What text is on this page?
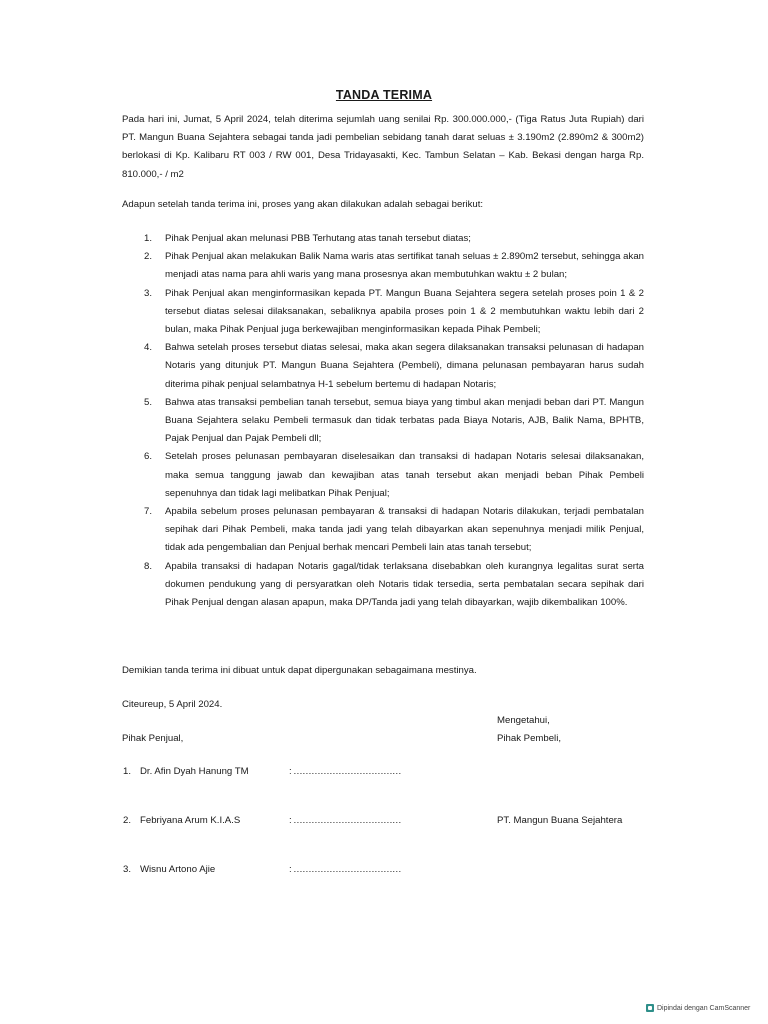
TANDA TERIMA
Pada hari ini, Jumat, 5 April 2024, telah diterima sejumlah uang senilai Rp. 300.000.000,- (Tiga Ratus Juta Rupiah) dari PT. Mangun Buana Sejahtera sebagai tanda jadi pembelian sebidang tanah darat seluas ± 3.190m2 (2.890m2 & 300m2) berlokasi di Kp. Kalibaru RT 003 / RW 001, Desa Tridayasakti, Kec. Tambun Selatan – Kab. Bekasi dengan harga Rp. 810.000,- / m2
Adapun setelah tanda terima ini, proses yang akan dilakukan adalah sebagai berikut:
1. Pihak Penjual akan melunasi PBB Terhutang atas tanah tersebut diatas;
2. Pihak Penjual akan melakukan Balik Nama waris atas sertifikat tanah seluas ± 2.890m2 tersebut, sehingga akan menjadi atas nama para ahli waris yang mana prosesnya akan membutuhkan waktu ± 2 bulan;
3. Pihak Penjual akan menginformasikan kepada PT. Mangun Buana Sejahtera segera setelah proses poin 1 & 2 tersebut diatas selesai dilaksanakan, sebaliknya apabila proses poin 1 & 2 membutuhkan waktu lebih dari 2 bulan, maka Pihak Penjual juga berkewajiban menginformasikan kepada Pihak Pembeli;
4. Bahwa setelah proses tersebut diatas selesai, maka akan segera dilaksanakan transaksi pelunasan di hadapan Notaris yang ditunjuk PT. Mangun Buana Sejahtera (Pembeli), dimana pelunasan pembayaran harus sudah diterima pihak penjual selambatnya H-1 sebelum bertemu di hadapan Notaris;
5. Bahwa atas transaksi pembelian tanah tersebut, semua biaya yang timbul akan menjadi beban dari PT. Mangun Buana Sejahtera selaku Pembeli termasuk dan tidak terbatas pada Biaya Notaris, AJB, Balik Nama, BPHTB, Pajak Penjual dan Pajak Pembeli dll;
6. Setelah proses pelunasan pembayaran diselesaikan dan transaksi di hadapan Notaris selesai dilaksanakan, maka semua tanggung jawab dan kewajiban atas tanah tersebut akan menjadi beban Pihak Pembeli sepenuhnya dan tidak lagi melibatkan Pihak Penjual;
7. Apabila sebelum proses pelunasan pembayaran & transaksi di hadapan Notaris dilakukan, terjadi pembatalan sepihak dari Pihak Pembeli, maka tanda jadi yang telah dibayarkan akan sepenuhnya menjadi milik Penjual, tidak ada pengembalian dan Penjual berhak mencari Pembeli lain atas tanah tersebut;
8. Apabila transaksi di hadapan Notaris gagal/tidak terlaksana disebabkan oleh kurangnya legalitas surat serta dokumen pendukung yang di persyaratkan oleh Notaris tidak tersedia, serta pembatalan secara sepihak dari Pihak Penjual dengan alasan apapun, maka DP/Tanda jadi yang telah dibayarkan, wajib dikembalikan 100%.
Demikian tanda terima ini dibuat untuk dapat dipergunakan sebagaimana mestinya.
Citeureup, 5 April 2024.
Mengetahui,
Pihak Penjual,	Pihak Pembeli,
1. Dr. Afin Dyah Hanung TM	: ………………………………
2. Febriyana Arum K.I.A.S	: ………………………………	PT. Mangun Buana Sejahtera
3. Wisnu Artono Ajie	: ………………………………
Dipindai dengan CamScanner
